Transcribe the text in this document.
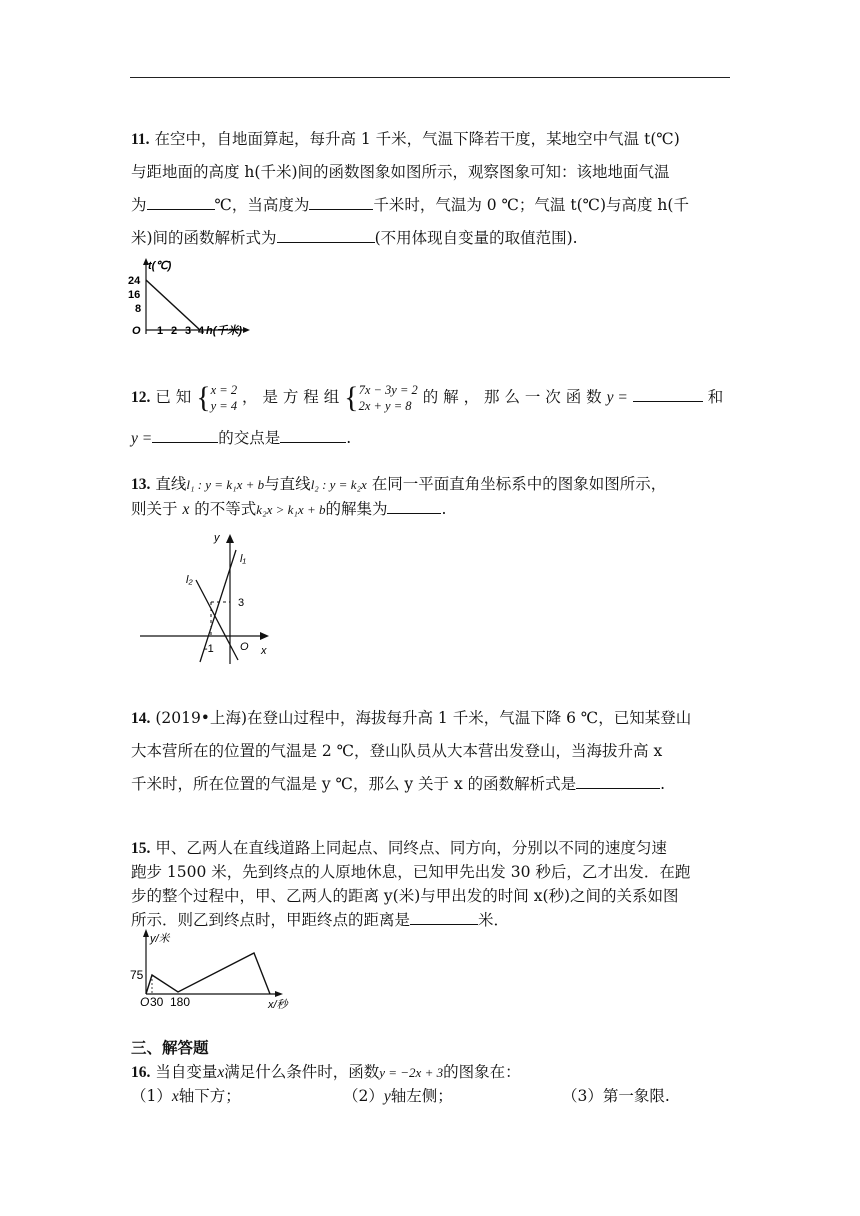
11. 在空中，自地面算起，每升高 1 千米，气温下降若干度，某地空中气温 t(℃)
与距地面的高度 h(千米)间的函数图象如图所示，观察图象可知：该地地面气温
为	℃，当高度为	千米时，气温为 0 ℃；气温 t(℃)与高度 h(千
米)间的函数解析式为	(不用体现自变量的取值范围).
t(℃)
24
16
8
O 1 2 3 4 h(千米)
12. 已 知 {x = 2
y = 4 ， 是 方 程 组 {7x − 3y = 2
2x + y = 8 的 解 ， 那 么 一 次 函 数 y =	和
y =	的交点是	.
13. 直线l₁ : y = k₁x + b与直线l₂ : y = k₂x 在同一平面直角坐标系中的图象如图所示，
则关于 x 的不等式k₂x > k₁x + b的解集为	.
y
l₁
l₂
3
-1 O x
14. (2019•上海)在登山过程中，海拔每升高 1 千米，气温下降 6 ℃，已知某登山
大本营所在的位置的气温是 2 ℃，登山队员从大本营出发登山，当海拔升高 x
千米时，所在位置的气温是 y ℃，那么 y 关于 x 的函数解析式是	.
15. 甲、乙两人在直线道路上同起点、同终点、同方向，分别以不同的速度匀速
跑步 1500 米，先到终点的人原地休息，已知甲先出发 30 秒后，乙才出发．在跑
步的整个过程中，甲、乙两人的距离 y(米)与甲出发的时间 x(秒)之间的关系如图
所示．则乙到终点时，甲距终点的距离是	米．
y/米
75
O 30 180	x/秒
三、解答题
16. 当自变量x满足什么条件时，函数y = −2x + 3的图象在：
（1）x轴下方；	（2）y轴左侧；	（3）第一象限.
